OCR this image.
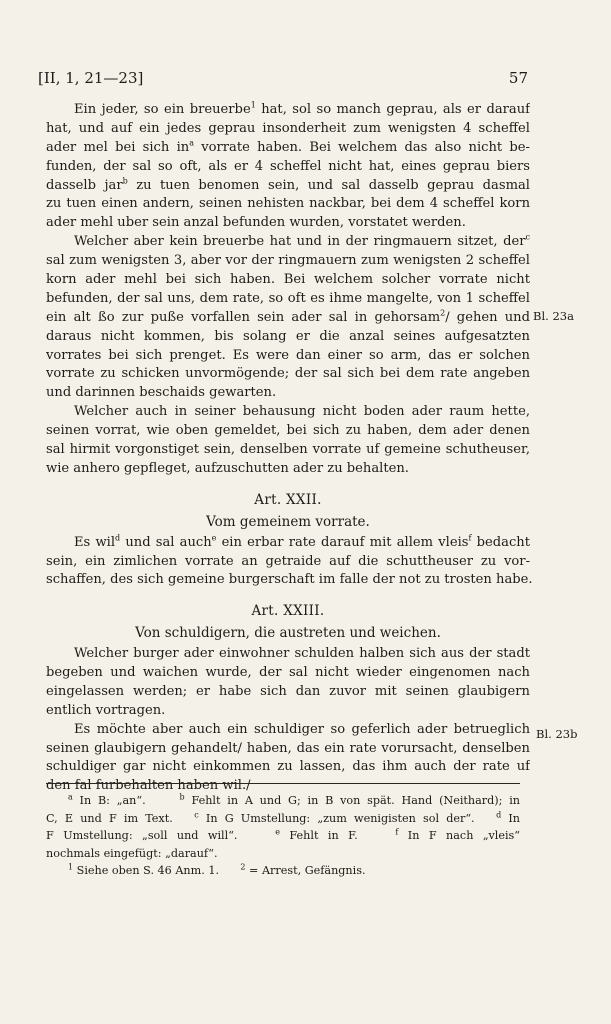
[II, 1, 21—23]	57
Ein jeder, so ein breuerbe$^1$ hat, sol so manch geprau, als er darauf
hat, und auf ein jedes geprau insonderheit zum wenigsten 4 scheffel
ader mel bei sich $in^a$ vorrate haben. Bei welchem das also nicht be-
funden, der sal so oft, als er 4 scheffel nicht hat, eines geprau biers
dasselb jar$^b$ zu tuen benomen sein, und sal dasselb geprau dasmal
zu tuen einen andern, seinen nehisten nackbar, bei dem 4 scheffel korn
ader mehl uber sein anzal befunden wurden, vorstatet werden.
Welcher aber kein breuerbe hat und in der ringmauern sitzet, der$^c$
sal zum wenigsten 3, aber vor der ringmauern zum wenigsten 2 scheffel
korn ader mehl bei sich haben. Bei welchem solcher vorrate nicht
befunden, der sal uns, dem rate, so oft es ihme mangelte, von 1 scheffel
ein alt ßo zur puße vorfallen sein ader sal in gehorsam$^2$/ gehen und
daraus nicht kommen, bis solang er die anzal seines aufgesatzten
vorrates bei sich prenget. Es were dan einer so arm, das er solchen
vorrate zu schicken unvormögende; der sal sich bei dem rate angeben
und darinnen beschaids gewarten.
Welcher auch in seiner behausung nicht boden ader raum hette,
seinen vorrat, wie oben gemeldet, bei sich zu haben, dem ader denen
sal hirmit vorgonstiget sein, denselben vorrate uf gemeine schutheuser,
wie anhero gepfleget, aufzuschutten ader zu behalten.
Art. XXII.
Vom gemeinem vorrate.
Es wil$^d$ und sal auch$^e$ ein erbar rate darauf mit allem vleis$^f$ bedacht
sein, ein zimlichen vorrate an getraide auf die schuttheuser zu vor-
schaffen, des sich gemeine burgerschaft im falle der not zu trosten habe.
Art. XXIII.
Von schuldigern, die austreten und weichen.
Welcher burger ader einwohner schulden halben sich aus der stadt
begeben und waichen wurde, der sal nicht wieder eingenomen nach
eingelassen werden; er habe sich dan zuvor mit seinen glaubigern
entlich vortragen.
Es möchte aber auch ein schuldiger so geferlich ader betrueglich
seinen glaubigern gehandelt/ haben, das ein rate vorursacht, denselben
schuldiger gar nicht einkommen zu lassen, das ihm auch der rate uf
den fal furbehalten haben wil./
Bl. 23a
Bl. 23b
$^a$ In B: „an“.	$^b$ Fehlt in A und G; in B von spät. Hand (Neithard); in
C, E und F im Text.	$^c$ In G Umstellung: „zum wenigisten sol der“.	$^d$ In
F Umstellung: „soll und will“.	$^e$ Fehlt in F.	$^f$ In F nach „vleis“
nochmals eingefügt: „darauf“.
$^1$ Siehe oben S. 46 Anm. 1.	$^2$ = Arrest, Gefängnis.
